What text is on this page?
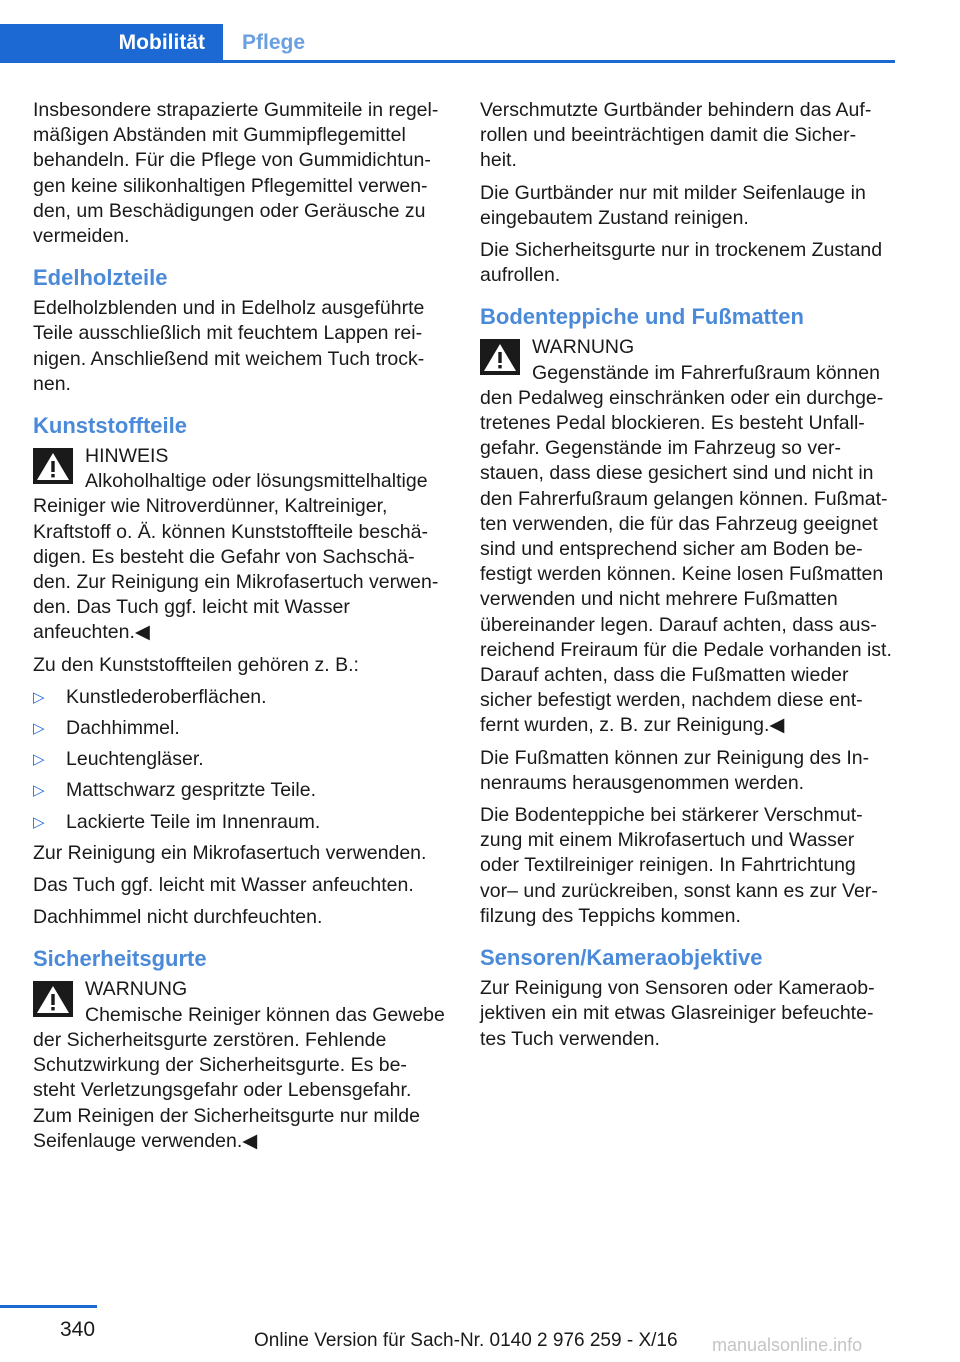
Mobilität Pflege

Insbesondere strapazierte Gummiteile in regel‐ mäßigen Abständen mit Gummipflegemittel behandeln. Für die Pflege von Gummidichtun‐ gen keine silikonhaltigen Pflegemittel verwen‐ den, um Beschädigungen oder Geräusche zu vermeiden.

Edelholzteile

Edelholzblenden und in Edelholz ausgeführte Teile ausschließlich mit feuchtem Lappen rei‐ nigen. Anschließend mit weichem Tuch trock‐ nen.

Kunststoffteile
HINWEIS
Alkoholhaltige oder lösungsmittelhaltige

Reiniger wie Nitroverdünner, Kaltreiniger, Kraftstoff o. Ä. können Kunststoffteile beschä‐ digen. Es besteht die Gefahr von Sachschä‐ den. Zur Reinigung ein Mikrofasertuch verwen‐ den. Das Tuch ggf. leicht mit Wasser anfeuchten.◀

Zu den Kunststoffteilen gehören z. B.:

▷ Kunstlederoberflächen.
▷ Dachhimmel.
▷ Leuchtengläser.
▷ Mattschwarz gespritzte Teile.
▷ Lackierte Teile im Innenraum.

Zur Reinigung ein Mikrofasertuch verwenden.

Das Tuch ggf. leicht mit Wasser anfeuchten.

Dachhimmel nicht durchfeuchten.

Sicherheitsgurte
WARNUNG
Chemische Reiniger können das Gewebe

der Sicherheitsgurte zerstören. Fehlende Schutzwirkung der Sicherheitsgurte. Es be‐ steht Verletzungsgefahr oder Lebensgefahr. Zum Reinigen der Sicherheitsgurte nur milde Seifenlauge verwenden.◀

Verschmutzte Gurtbänder behindern das Auf‐ rollen und beeinträchtigen damit die Sicher‐ heit.

Die Gurtbänder nur mit milder Seifenlauge in eingebautem Zustand reinigen.

Die Sicherheitsgurte nur in trockenem Zustand aufrollen.

Bodenteppiche und Fußmatten
WARNUNG
Gegenstände im Fahrerfußraum können

den Pedalweg einschränken oder ein durchge‐ tretenes Pedal blockieren. Es besteht Unfall‐ gefahr. Gegenstände im Fahrzeug so ver‐ stauen, dass diese gesichert sind und nicht in den Fahrerfußraum gelangen können. Fußmat‐ ten verwenden, die für das Fahrzeug geeignet sind und entsprechend sicher am Boden be‐ festigt werden können. Keine losen Fußmatten verwenden und nicht mehrere Fußmatten übereinander legen. Darauf achten, dass aus‐ reichend Freiraum für die Pedale vorhanden ist. Darauf achten, dass die Fußmatten wieder sicher befestigt werden, nachdem diese ent‐ fernt wurden, z. B. zur Reinigung.◀

Die Fußmatten können zur Reinigung des In‐ nenraums herausgenommen werden.

Die Bodenteppiche bei stärkerer Verschmut‐ zung mit einem Mikrofasertuch und Wasser oder Textilreiniger reinigen. In Fahrtrichtung vor– und zurückreiben, sonst kann es zur Ver‐ filzung des Teppichs kommen.

Sensoren/Kameraobjektive

Zur Reinigung von Sensoren oder Kameraob‐ jektiven ein mit etwas Glasreiniger befeuchte‐ tes Tuch verwenden.

340	Online Version für Sach-Nr. 0140 2 976 259 - X/16 manualsonline.info
